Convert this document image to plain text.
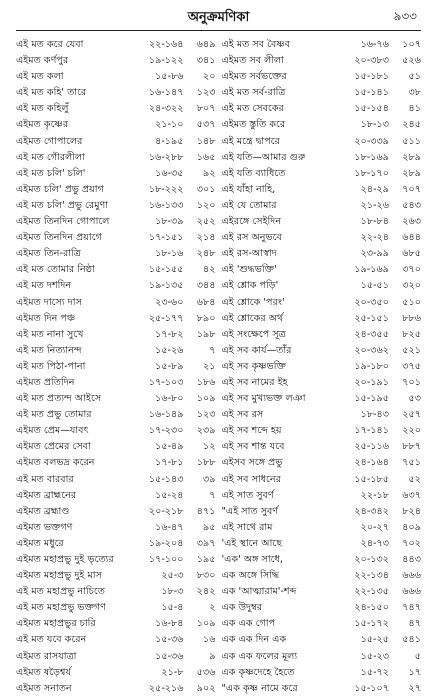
অনুক্রমণিকা	৯৩৩
এই মত করে যেবা	২২-১৬৪	৬৪৯
এইমত কর্ণপুর	১৯-১২২	৩৪১
এই মত কলা	১৫-৮৬	২০
এই মত কহি' তারে	১৬-১৪৭	১২৩
এই মত কহিলুঁ	২৪-৩২২	৮০৭
এইমত কৃষ্ণের	২১-১০	৫৩৭
এইমত গোপালের	৪-১৯৫	১৪৮
এই মত গৌরলীলা	১৬-২৮৮	১৬৫
এই মত চলি' চলি'	১৬-৩৫	৯২
এইমত চলি' প্রভু প্রয়াগ	১৮-২২২	৩০১
এই মত চলি' প্রভু রেমুণা	১৬-১৩৩	১২০
এইমত তিনদিন গোপালে	১৮-৩৯	২৫২
এইমত তিনদিন প্রয়াগে	১৭-১৫১	২১৪
এইমত তিন-রাত্রি	১৮-১৬	২৪৮
এই মত তোমার নিষ্ঠা	১৫-১৫৫	৪২
এই মত দশদিন	১৯-১৩৫	৩৪৪
এইমত দাস্যে দাস	২৩-৬০	৬৮৪
এইমত দিন পঞ্চ	২৫-১৭৭	৮৯০
এই মত নানা সুখে	১৭-৮২	১৯৮
এই মত নিত্যানন্দ	১৫-২৬	৭
এই মত পিঠা-পানা	১৫-৮৯	২১
এইমত প্রতিদিন	১৭-১০৩	১৮৬
এই মত প্রত্যন্দ আইসে	১৬-৮০	১০৯
এই মত প্রভু তোমার	১৬-১৪৯	১২৩
এইমত প্রেম—যাবৎ	১৭-২৩০	২৩৯
এইমত প্রেমের সেবা	১৫-৪৯	১২
এইমত বলভদ্র করেন	১৭-৮১	১৮৮
এই মত বারবার	১৫-১৪৩	৩৯
এইমত ব্রাহ্মনের	১৫-২৪	৭
এইমত ব্রহ্মাণ্ড	২০-২১৮	৪৭১
এইমত ভক্তগণ	১৬-৪৭	৯৫
এইমত মধুরে	১৯-২০৪	৩৯৭
এইমত মহাপ্রভু দুই ভৃত্যের	১৭-১০০	১৯৫
এইমত মহাপ্রভু দুই মাস	২৫-৩	৮৩০
এই মত মহাপ্রভু নাচিতে	১৮-৩	২৪২
এই মত মহাপ্রভু ভক্তগণ	১৫-৪	২
এইমত মহাপ্রভুর চারি	১৬-৮৪	১০৯
এই মত যবে করেন	১৫-৩৬	১৬
এইমত রাসযাত্রা	১৫-৩৬	৯
এইমত ষড়ৈশ্বর্য	২১-৮	৫৩৬
এইমত সনাতন	২৫-২১৬	৯০২
এই মত সব বৈষ্ণব	১৬-৭৬	১০৭
এইমত সব লীলা	২০-৩৮৩	৫২৬
এইমত সর্বভক্তের	১৫-১৮১	৫১
এই মত সর্ব-রাত্রি	১৫-১৪১	৩৮
এই মত সেবকের	১৫-১৫৪	৪১
এইমত স্তুতি করে	১৮-১৩	২৪৫
এই মন্ত্রে দ্বাপরে	২০-৩৩৯	৫১১
এই যতি—আমার গুরু	১৮-১৬৯	২৮৯
এই যতি ব্যাধিতে	১৮-১৭০	২৮৯
এই যাঁহা নাহি,	২৪-২৯	৭০৭
এই যে তোমার	২১-২৬	৫৪৩
এইরঙ্গে সেইদিন	১৮-৮৪	২৬৩
এই রস অনুভবে	২২-২৪	৬৪৪
এই রস-আস্বাদ	২৩-৯৯	৬৮৫
এই 'শুদ্ধভক্তি'	১৯-১৬৯	৩৭০
এই শ্লোক পড়ি'	১৫-৫১	৩২০
এই শ্লোকে 'পরং'	২০-৩৫০	৫১০
এই শ্লোকের অর্থ	২৫-১৫১	৮৮৬
এই সংক্ষেপে সূত্র	২৪-৩৫৫	৮২৫
এই সব কার্য—তাঁর	২০-৩৬২	৫২১
এই সব কৃষ্ণভক্তি	১৯-১৮০	৩৭৫
এই সব নামের ইহ	২০-১৯১	৭০১
এই সব মুখ্যভক্ত লঞা	১৫-১৯৫	৫৩
এই সব রস	১৮-৪৩	২৫৭
এই সব শব্দে হয়	১৭-১৪১	২২০
এই সব শান্ত যবে	২৫-১১৬	৮৮৭
এইসব সঙ্গে প্রভু	২৪-১৬৪	৭৫১
এই সব সাধনের	১৫-১৮৫	৫২
এই সাত সুবর্ণ	২২-১৮	৬৩৭
"এই সাত সুবর্ণ	২৪-৩৪২	৮২৪
এই সাথে রাম	২০-২৭	৪০৯
'এই স্থানে আছে	২৪-৭৩	৭০২
'এক' অঙ্গ সাধে,	২০-১৩২	৪৪৩
এক অঙ্গে সিদ্ধি	২২-১৩৪	৬৬৬
এক 'আত্মারাম'-শব্দ	২২-১৩৫	৬৬৬
এক উদুম্বর	২৪-১৫০	৭৪৭
এক এক গোপ	১৫-১৭২	৪৭
এক এক দিন এক	১৫-২৫	৫৪১
এক এক ফলের মূল্য	১৫-২৩	৫
এক কৃষ্ণদেহে হৈতে	১৫-৭২	১৭
"এক কৃষ্ণ নামে করে	১৫-১০৭	২৭
